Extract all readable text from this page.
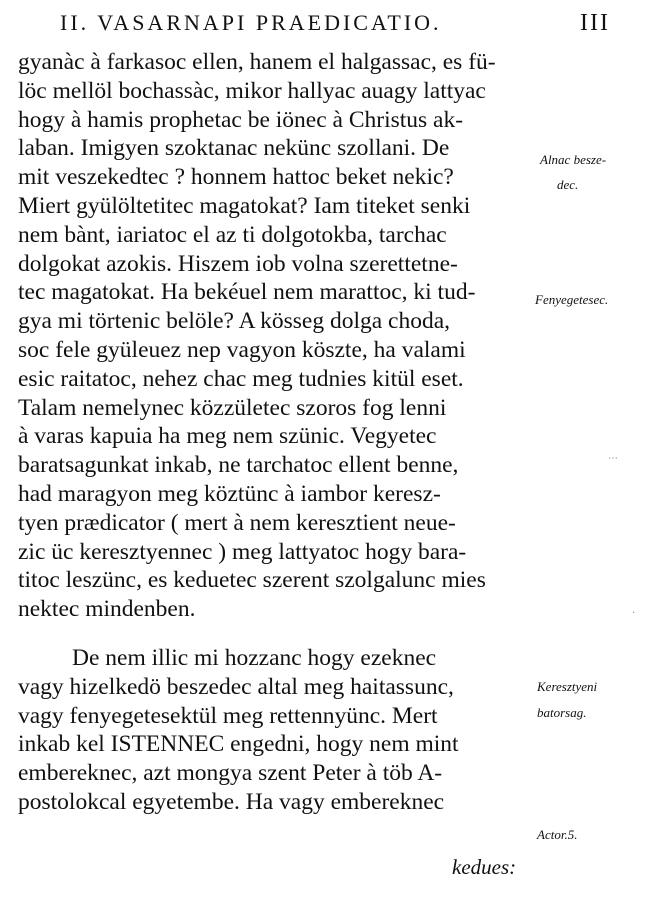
II. VASARNAPI PRAEDICATIO.	III
gyanàc à farkasoc ellen, hanem el halgassac, es fü-
löc mellöl bochassàc, mikor hallyac auagy lattyac
hogy à hamis prophetac be iönec à Christus ak-
laban. Imigyen szoktanac nekünc szollani. De
mit veszekedtec ? honnem hattoc beket nekic?
Miert gyülöltetitec magatokat? Iam titeket senki
nem bànt, iariatoc el az ti dolgotokba, tarchac
dolgokat azokis. Hiszem iob volna szerettetne-
tec magatokat. Ha bekéuel nem marattoc, ki tud-
gya mi törtenic belöle? A kösseg dolga choda,
soc fele gyüleuez nep vagyon köszte, ha valami
esic raitatoc, nehez chac meg tudnies kitül eset.
Talam nemelynec közzületec szoros fog lenni
à varas kapuia ha meg nem szünic. Vegyetec
baratsagunkat inkab, ne tarchatoc ellent benne,
had maragyon meg köztünc à iambor keresz-
tyen prædicator ( mert à nem keresztient neue-
zic üc keresztyennec ) meg lattyatoc hogy bara-
titoc leszünc, es keduetec szerent szolgalunc mies
nektec mindenben.
De nem illic mi hozzanc hogy ezeknec
vagy hizelkedö beszedec altal meg haitassunc,
vagy fenyegetesektül meg rettennyünc. Mert
inkab kel ISTENNEC engedni, hogy nem mint
embereknec, azt mongya szent Peter à töb A-
postolokcal egyetembe. Ha vagy embereknec
Alnac besze-
dec.
Fenyegetesec.
Keresztyeni
batorsag.
Actor.5.
kedues:
⋯
·
